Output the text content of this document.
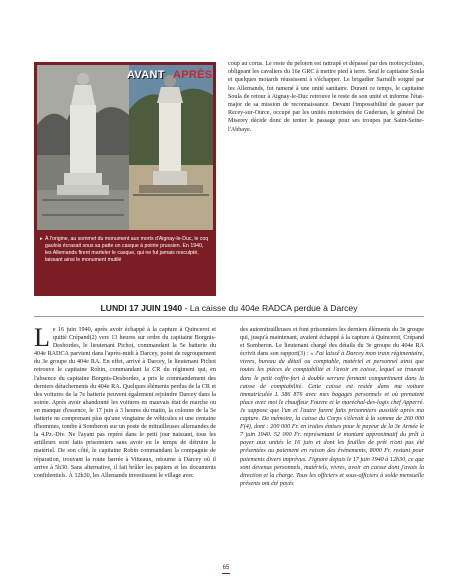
AVANT APRÈS
▸ À l'origine, au sommet du monument aux morts d'Aignay-le-Duc, le coq gaulois écrasait sous sa patte un casque à pointe prussien. En 1940, les Allemands firent marteler le casque, qui ne fut jamais resculpté, laissant ainsi le monument mutilé
coup au corus. Le reste du peloton est rattrapé et dépassé par des motocyclistes, obligeant les cavaliers du 16e GRC à mettre pied à terre. Seul le capitaine Soula et quelques motards réussissent à s'échapper. Le brigadier Sarrailh soigné par les Allemands, fut ramené à une unité sanitaire. Durant ce temps, le capitaine Soula de retour à Aignay-le-Duc retrouve le reste de son unité et informe l'état-major de sa mission de reconnaissance. Devant l'impossibilité de passer par Recey-sur-Ource, occupé par les unités motorisées de Guderian, le général De Miserey décide donc de tenter le passage pour ses troupes par Saint-Seine-l'Abbaye.
LUNDI 17 JUIN 1940 - La caisse du 404e RADCA perdue à Darcey
L e 16 juin 1940, après avoir échappé à la capture à Quincerot et quitté Crépand(2) vers 13 heures sur ordre du capitaine Borgnis-Desbordes, le lieutenant Pichot, commandant la 5e batterie du 404e RADCA parvient dans l'après-midi à Darcey, point de regroupement du 3e groupe du 404e RA. En effet, arrivé à Darcey, le lieutenant Pichot retrouve le capitaine Robin, commandant la CR du régiment qui, en l'absence du capitaine Borgnis-Desbordes, a pris le commandement des derniers détachements du 404e RA. Quelques éléments perdus de la CR et des voitures de la 7e batterie peuvent également rejoindre Darcey dans la soirée. Après avoir abandonné les voitures en mauvais état de marche ou en manque d'essence, le 17 juin à 3 heures du matin, la colonne de la 5e batterie ne comprenant plus qu'une vingtaine de véhicules et une centaine d'hommes, tombe à Somberon sur un poste de mitrailleuses allemandes de la 4.Pz.-Div. Ne l'ayant pas repéré dans le petit jour naissant, tous les artilleurs sont faits prisonniers sans avoir eu le temps de détruire le matériel. De son côté, le capitaine Robin commandant la compagnie de réparation, trouvant la route barrée à Vitteaux, retourne à Darcey où il arrive à 5h30. Sans alternative, il fait brûler les papiers et les documents confidentiels. À 12h30, les Allemands investissent le village avec
des automitrailleuses et font prisonniers les derniers éléments du 3e groupe qui, jusqu'à maintenant, avaient échappé à la capture à Quincerot, Crépand et Somberon. Le lieutenant chargé des détails du 3e groupe du 404e RA écrivit dans son rapport(3) : « J'ai laissé à Darcey mon train régimentaire, vivres, bureau du détail ou comptable, matériel et personnel ainsi que toutes les pièces de comptabilité et l'avoir en caisse, lequel se trouvait dans le petit coffre-fort à double serrure fermant compartiment dans la caisse de comptabilité. Cette caisse est restée dans ma voiture immatriculée L 386 876 avec mes bagages personnels et où prenaient place avec moi le chauffeur Fauvre et le maréchal-des-logis chef Apperré. Je suppose que l'un et l'autre furent faits prisonniers aussitôt après ma capture. De mémoire, la caisse du Corps s'élevait à la somme de 260 000 F(4), dont : 200 000 Fr. en traites émises pour le payeur de la 3e Armée le 7 juin 1940. 52 000 Fr. représentant le montant approximatif du prêt à payer aux unités le 16 juin et dont les feuilles de prêt n'ont pas été présentées au paiement en raison des événements, 8000 Fr. restant pour paiements divers imprévus. J'ignore depuis le 17 juin 1940 à 12h30, ce que sont devenus personnels, matériels, vivres, avoir en caisse dont j'avais la direction et la charge. Tous les officiers et sous-officiers à solde mensuelle présents ont été payés
65
